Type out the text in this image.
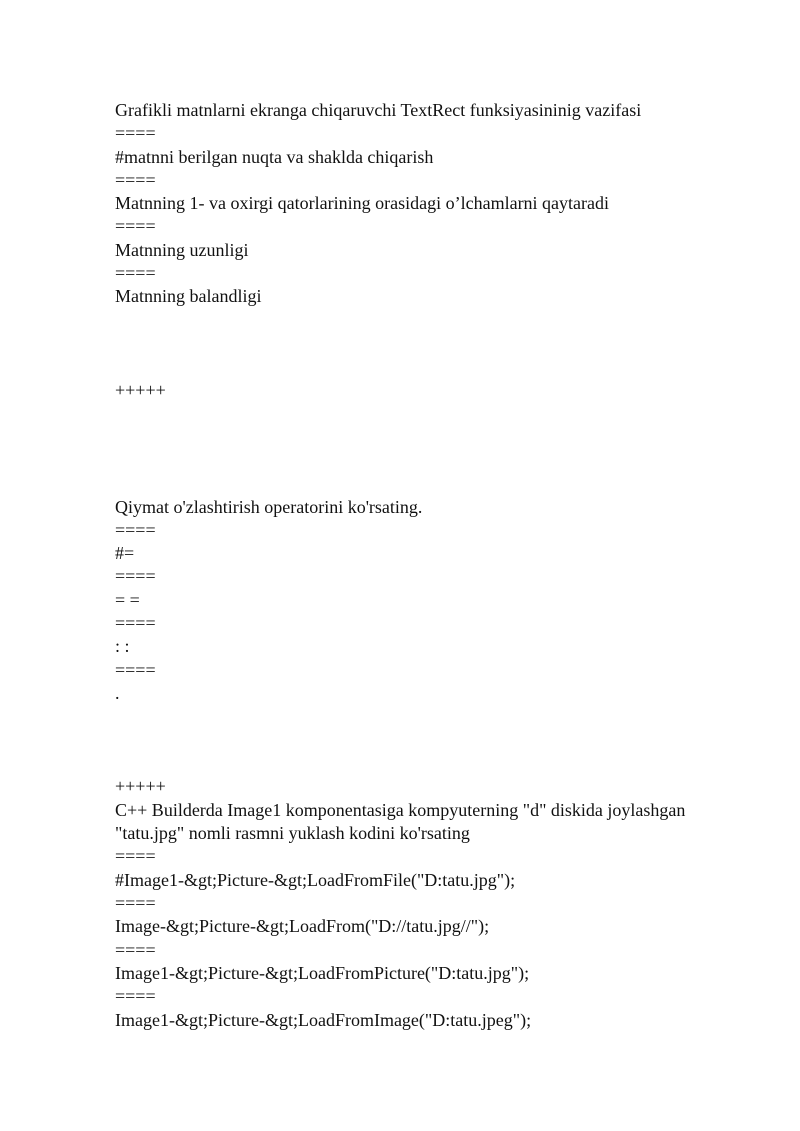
Grafikli matnlarni ekranga chiqaruvchi TextRect funksiyasininig vazifasi
====
#matnni berilgan nuqta va shaklda chiqarish
====
Matnning 1- va oxirgi qatorlarining orasidagi o’lchamlarni qaytaradi
====
Matnning uzunligi
====
Matnning balandligi
+++++
Qiymat o'zlashtirish operatorini ko'rsating.
====
#=
====
= =
====
: :
====
.
+++++
C++ Builderda Image1 komponentasiga kompyuterning "d" diskida joylashgan
"tatu.jpg" nomli rasmni yuklash kodini ko'rsating
====
#Image1-&gt;Picture-&gt;LoadFromFile("D:tatu.jpg");
====
Image-&gt;Picture-&gt;LoadFrom("D://tatu.jpg//");
====
Image1-&gt;Picture-&gt;LoadFromPicture("D:tatu.jpg");
====
Image1-&gt;Picture-&gt;LoadFromImage("D:tatu.jpeg");
